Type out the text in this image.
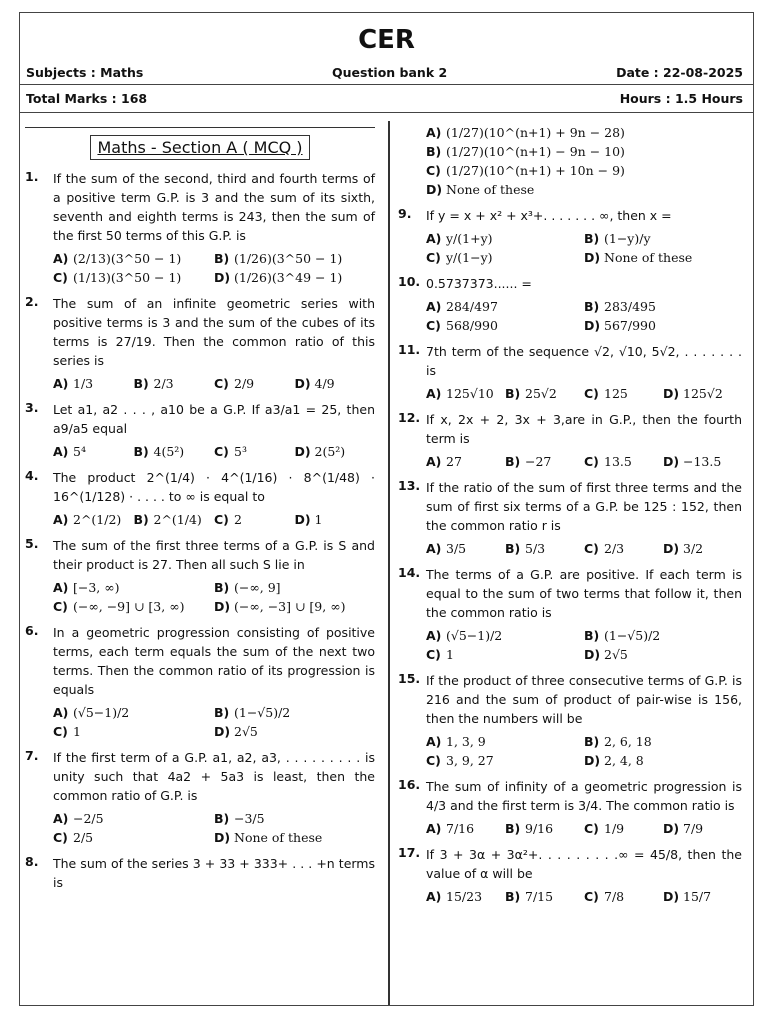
CER
Subjects : Maths	Question bank 2	Date : 22-08-2025
Total Marks : 168	Hours : 1.5 Hours
Maths - Section A ( MCQ )
1.	If the sum of the second, third and fourth terms of a positive term G.P. is 3 and the sum of its sixth, seventh and eighth terms is 243, then the sum of the first 50 terms of this G.P. is
A) (2/13)(3^50 − 1)	B) (1/26)(3^50 − 1)
C) (1/13)(3^50 − 1)	D) (1/26)(3^49 − 1)
2.	The sum of an infinite geometric series with positive terms is 3 and the sum of the cubes of its terms is 27/19. Then the common ratio of this series is
A) 1/3	B) 2/3	C) 2/9	D) 4/9
3.	Let a1, a2 . . . , a10 be a G.P. If a3/a1 = 25, then a9/a5 equal
A) 5⁴	B) 4(5²) C) 5³	D) 2(5²)
4.	The product 2^(1/4) · 4^(1/16) · 8^(1/48) · 16^(1/128) · . . . . to ∞ is equal to
A) 2^(1/2) B) 2^(1/4) C) 2	D) 1
5.	The sum of the first three terms of a G.P. is S and their product is 27. Then all such S lie in
A) [−3, ∞)	B) (−∞, 9]
C) (−∞, −9] ∪ [3, ∞) D) (−∞, −3] ∪ [9, ∞)
6.	In a geometric progression consisting of positive terms, each term equals the sum of the next two terms. Then the common ratio of its progression is equals
A) (√5−1)/2	B) (1−√5)/2
C) 1	D) 2√5
7.	If the first term of a G.P. a1, a2, a3, . . . . . . . . . is unity such that 4a2 + 5a3 is least, then the common ratio of G.P. is
A) −2/5	B) −3/5
C) 2/5	D) None of these
8.	The sum of the series 3 + 33 + 333+ . . . +n terms is
A) (1/27)(10^(n+1) + 9n − 28)
B) (1/27)(10^(n+1) − 9n − 10)
C) (1/27)(10^(n+1) + 10n − 9)
D) None of these
9.	If y = x + x² + x³+. . . . . . . ∞, then x =
A) y/(1+y)	B) (1−y)/y
C) y/(1−y)	D) None of these
10. 0.5737373...... =
A) 284/497	B) 283/495
C) 568/990	D) 567/990
11. 7th term of the sequence √2, √10, 5√2, . . . . . . . is
A) 125√10 B) 25√2 C) 125	D) 125√2
12. If x, 2x + 2, 3x + 3,are in G.P., then the fourth term is
A) 27	B) −27	C) 13.5 D) −13.5
13. If the ratio of the sum of first three terms and the sum of first six terms of a G.P. be 125 : 152, then the common ratio r is
A) 3/5	B) 5/3	C) 2/3	D) 3/2
14. The terms of a G.P. are positive. If each term is equal to the sum of two terms that follow it, then the common ratio is
A) (√5−1)/2	B) (1−√5)/2
C) 1	D) 2√5
15. If the product of three consecutive terms of G.P. is 216 and the sum of product of pair-wise is 156, then the numbers will be
A) 1, 3, 9	B) 2, 6, 18
C) 3, 9, 27	D) 2, 4, 8
16. The sum of infinity of a geometric progression is 4/3 and the first term is 3/4. The common ratio is
A) 7/16 B) 9/16 C) 1/9	D) 7/9
17. If 3 + 3α + 3α²+. . . . . . . . .∞ = 45/8, then the value of α will be
A) 15/23 B) 7/15 C) 7/8	D) 15/7
